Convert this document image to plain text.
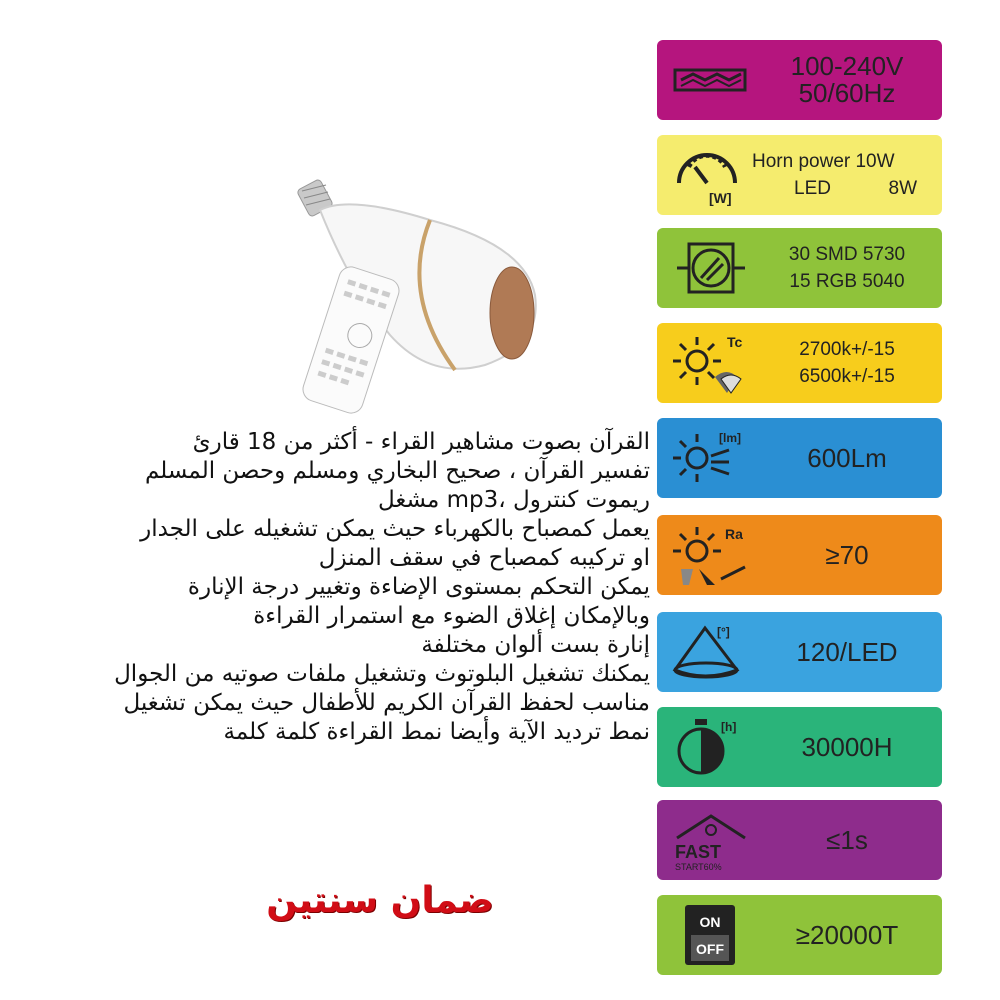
القرآن بصوت مشاهير القراء - أكثر من 18 قارئ
تفسير القرآن ، صحيح البخاري ومسلم وحصن المسلم
ريموت كنترول ،mp3 مشغل
يعمل كمصباح بالكهرباء حيث يمكن تشغيله على الجدار
او تركيبه كمصباح في سقف المنزل
يمكن التحكم بمستوى الإضاءة وتغيير درجة الإنارة
وبالإمكان إغلاق الضوء مع استمرار القراءة
إنارة بست ألوان مختلفة
يمكنك تشغيل البلوتوث وتشغيل ملفات صوتيه من الجوال
مناسب لحفظ القرآن الكريم للأطفال حيث يمكن تشغيل
نمط ترديد الآية وأيضا نمط القراءة كلمة كلمة
ضمان سنتين
100-240V
50/60Hz
[W]
Horn power 10W
LED	8W
30 SMD 5730
15 RGB 5040
Tc	2700k+/-15
6500k+/-15
[lm]
600Lm
Ra
≥70
[°]
120/LED
[h]
30000H
FAST
START60%
≤1s
ON
OFF	≥20000T
